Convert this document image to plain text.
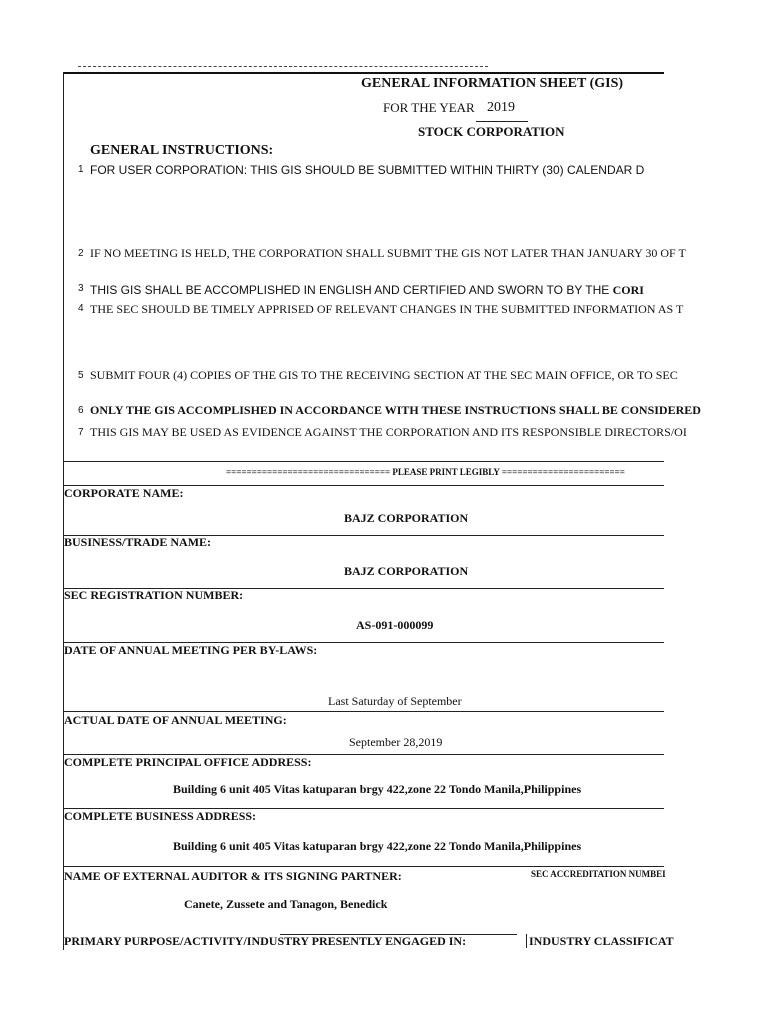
GENERAL INFORMATION SHEET (GIS)
FOR THE YEAR 2019
STOCK CORPORATION
GENERAL INSTRUCTIONS:
1 FOR USER CORPORATION: THIS GIS SHOULD BE SUBMITTED WITHIN THIRTY (30) CALENDAR D
2 IF NO MEETING IS HELD, THE CORPORATION SHALL SUBMIT THE GIS NOT LATER THAN JANUARY 30 OF T
3 THIS GIS SHALL BE ACCOMPLISHED IN ENGLISH AND CERTIFIED AND SWORN TO BY THE CORI
4 THE SEC SHOULD BE TIMELY APPRISED OF RELEVANT CHANGES IN THE SUBMITTED INFORMATION AS T
5 SUBMIT FOUR (4) COPIES OF THE GIS TO THE RECEIVING SECTION AT THE SEC MAIN OFFICE, OR TO SEC
6 ONLY THE GIS ACCOMPLISHED IN ACCORDANCE WITH THESE INSTRUCTIONS SHALL BE CONSIDERED
7 THIS GIS MAY BE USED AS EVIDENCE AGAINST THE CORPORATION AND ITS RESPONSIBLE DIRECTORS/OI
================================ PLEASE PRINT LEGIBLY ========================
CORPORATE NAME:
BAJZ CORPORATION
BUSINESS/TRADE NAME:
BAJZ CORPORATION
SEC REGISTRATION NUMBER:
AS-091-000099
DATE OF ANNUAL MEETING PER BY-LAWS:
Last Saturday of September
ACTUAL DATE OF ANNUAL MEETING:
September 28,2019
COMPLETE PRINCIPAL OFFICE ADDRESS:
Building 6 unit 405 Vitas katuparan brgy 422,zone 22 Tondo Manila,Philippines
COMPLETE BUSINESS ADDRESS:
Building 6 unit 405 Vitas katuparan brgy 422,zone 22 Tondo Manila,Philippines
NAME OF EXTERNAL AUDITOR & ITS SIGNING PARTNER:	SEC ACCREDITATION NUMBEI
Canete, Zussete and Tanagon, Benedick
PRIMARY PURPOSE/ACTIVITY/INDUSTRY PRESENTLY ENGAGED IN:	INDUSTRY CLASSIFICAT
